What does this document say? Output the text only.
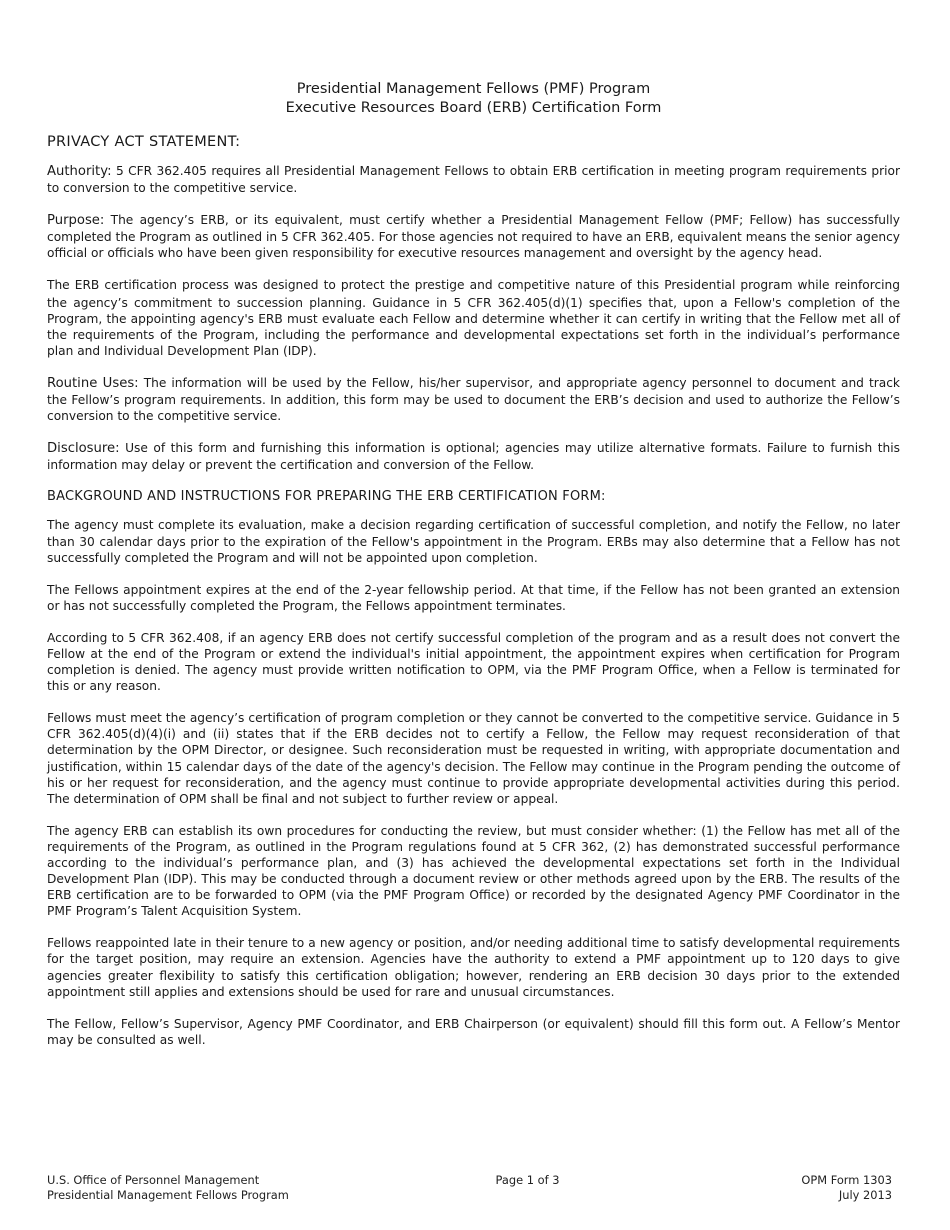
Presidential Management Fellows (PMF) Program
Executive Resources Board (ERB) Certification Form
PRIVACY ACT STATEMENT:

Authority: 5 CFR 362.405 requires all Presidential Management Fellows to obtain ERB certification in meeting program requirements prior to conversion to the competitive service.

Purpose: The agency’s ERB, or its equivalent, must certify whether a Presidential Management Fellow (PMF; Fellow) has successfully completed the Program as outlined in 5 CFR 362.405. For those agencies not required to have an ERB, equivalent means the senior agency official or officials who have been given responsibility for executive resources management and oversight by the agency head.

The ERB certification process was designed to protect the prestige and competitive nature of this Presidential program while reinforcing the agency’s commitment to succession planning. Guidance in 5 CFR 362.405(d)(1) specifies that, upon a Fellow's completion of the Program, the appointing agency's ERB must evaluate each Fellow and determine whether it can certify in writing that the Fellow met all of the requirements of the Program, including the performance and developmental expectations set forth in the individual’s performance plan and Individual Development Plan (IDP).

Routine Uses: The information will be used by the Fellow, his/her supervisor, and appropriate agency personnel to document and track the Fellow’s program requirements. In addition, this form may be used to document the ERB’s decision and used to authorize the Fellow’s conversion to the competitive service.

Disclosure: Use of this form and furnishing this information is optional; agencies may utilize alternative formats. Failure to furnish this information may delay or prevent the certification and conversion of the Fellow.

BACKGROUND AND INSTRUCTIONS FOR PREPARING THE ERB CERTIFICATION FORM:

The agency must complete its evaluation, make a decision regarding certification of successful completion, and notify the Fellow, no later than 30 calendar days prior to the expiration of the Fellow's appointment in the Program. ERBs may also determine that a Fellow has not successfully completed the Program and will not be appointed upon completion.

The Fellows appointment expires at the end of the 2-year fellowship period. At that time, if the Fellow has not been granted an extension or has not successfully completed the Program, the Fellows appointment terminates.

According to 5 CFR 362.408, if an agency ERB does not certify successful completion of the program and as a result does not convert the Fellow at the end of the Program or extend the individual's initial appointment, the appointment expires when certification for Program completion is denied. The agency must provide written notification to OPM, via the PMF Program Office, when a Fellow is terminated for this or any reason.

Fellows must meet the agency’s certification of program completion or they cannot be converted to the competitive service. Guidance in 5 CFR 362.405(d)(4)(i) and (ii) states that if the ERB decides not to certify a Fellow, the Fellow may request reconsideration of that determination by the OPM Director, or designee. Such reconsideration must be requested in writing, with appropriate documentation and justification, within 15 calendar days of the date of the agency's decision. The Fellow may continue in the Program pending the outcome of his or her request for reconsideration, and the agency must continue to provide appropriate developmental activities during this period. The determination of OPM shall be final and not subject to further review or appeal.

The agency ERB can establish its own procedures for conducting the review, but must consider whether: (1) the Fellow has met all of the requirements of the Program, as outlined in the Program regulations found at 5 CFR 362, (2) has demonstrated successful performance according to the individual’s performance plan, and (3) has achieved the developmental expectations set forth in the Individual Development Plan (IDP). This may be conducted through a document review or other methods agreed upon by the ERB. The results of the ERB certification are to be forwarded to OPM (via the PMF Program Office) or recorded by the designated Agency PMF Coordinator in the PMF Program’s Talent Acquisition System.

Fellows reappointed late in their tenure to a new agency or position, and/or needing additional time to satisfy developmental requirements for the target position, may require an extension. Agencies have the authority to extend a PMF appointment up to 120 days to give agencies greater flexibility to satisfy this certification obligation; however, rendering an ERB decision 30 days prior to the extended appointment still applies and extensions should be used for rare and unusual circumstances.

The Fellow, Fellow’s Supervisor, Agency PMF Coordinator, and ERB Chairperson (or equivalent) should fill this form out. A Fellow’s Mentor may be consulted as well.

U.S. Office of Personnel Management
Presidential Management Fellows Program
Page 1 of 3	OPM Form 1303
July 2013
